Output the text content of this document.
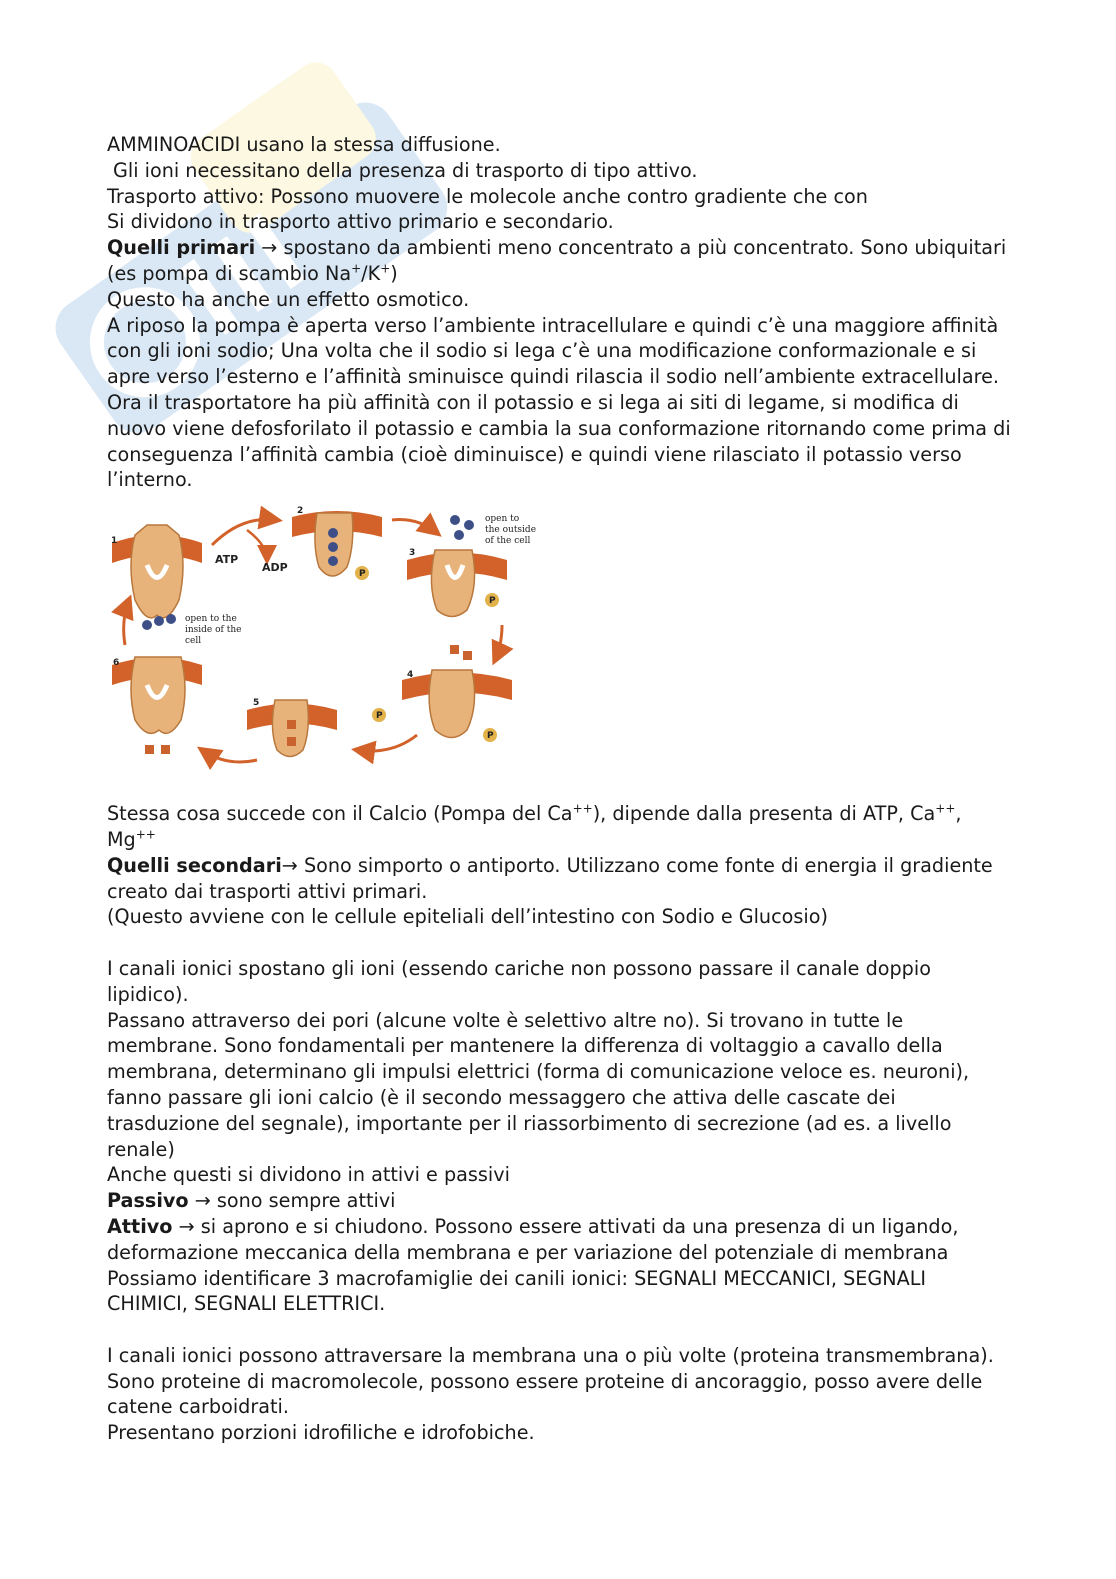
AMMINOACIDI usano la stessa diffusione.

Gli ioni necessitano della presenza di trasporto di tipo attivo.

Trasporto attivo: Possono muovere le molecole anche contro gradiente che con

Si dividono in trasporto attivo primario e secondario.

Quelli primari → spostano da ambienti meno concentrato a più concentrato. Sono ubiquitari (es pompa di scambio Na+/K+)

Questo ha anche un effetto osmotico.

A riposo la pompa è aperta verso l’ambiente intracellulare e quindi c’è una maggiore affinità con gli ioni sodio; Una volta che il sodio si lega c’è una modificazione conformazionale e si apre verso l’esterno e l’affinità sminuisce quindi rilascia il sodio nell’ambiente extracellulare. Ora il trasportatore ha più affinità con il potassio e si lega ai siti di legame, si modifica di nuovo viene defosforilato il potassio e cambia la sua conformazione ritornando come prima di conseguenza l’affinità cambia (cioè diminuisce) e quindi viene rilasciato il potassio verso l’interno.

1
open to the
inside of the
cell
ATP
ADP	P
2
P
3
open to
the outside
of the cell
P
4
P
5
6

Stessa cosa succede con il Calcio (Pompa del Ca++), dipende dalla presenta di ATP, Ca++, Mg++

Quelli secondari→ Sono simporto o antiporto. Utilizzano come fonte di energia il gradiente creato dai trasporti attivi primari.

(Questo avviene con le cellule epiteliali dell’intestino con Sodio e Glucosio)

I canali ionici spostano gli ioni (essendo cariche non possono passare il canale doppio lipidico).

Passano attraverso dei pori (alcune volte è selettivo altre no). Si trovano in tutte le membrane. Sono fondamentali per mantenere la differenza di voltaggio a cavallo della membrana, determinano gli impulsi elettrici (forma di comunicazione veloce es. neuroni), fanno passare gli ioni calcio (è il secondo messaggero che attiva delle cascate dei trasduzione del segnale), importante per il riassorbimento di secrezione (ad es. a livello renale)

Anche questi si dividono in attivi e passivi

Passivo → sono sempre attivi

Attivo → si aprono e si chiudono. Possono essere attivati da una presenza di un ligando, deformazione meccanica della membrana e per variazione del potenziale di membrana

Possiamo identificare 3 macrofamiglie dei canili ionici: SEGNALI MECCANICI, SEGNALI CHIMICI, SEGNALI ELETTRICI.

I canali ionici possono attraversare la membrana una o più volte (proteina transmembrana). Sono proteine di macromolecole, possono essere proteine di ancoraggio, posso avere delle catene carboidrati.

Presentano porzioni idrofiliche e idrofobiche.
